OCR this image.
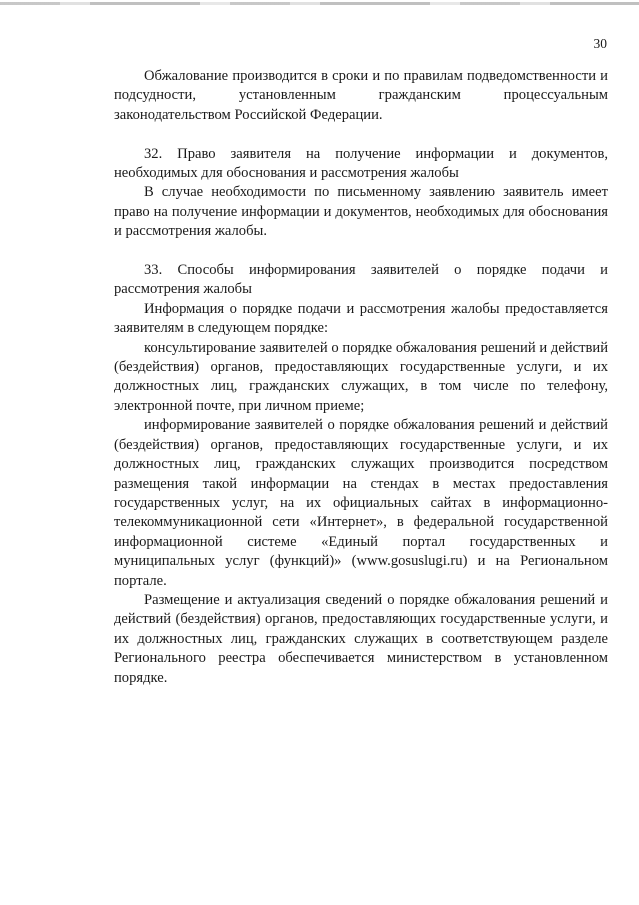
30

Обжалование производится в сроки и по правилам подведомственности и подсудности, установленным гражданским процессуальным законодательством Российской Федерации.

32. Право заявителя на получение информации и документов, необходимых для обоснования и рассмотрения жалобы

В случае необходимости по письменному заявлению заявитель имеет право на получение информации и документов, необходимых для обоснования и рассмотрения жалобы.

33. Способы информирования заявителей о порядке подачи и рассмотрения жалобы

Информация о порядке подачи и рассмотрения жалобы предоставляется заявителям в следующем порядке:

консультирование заявителей о порядке обжалования решений и действий (бездействия) органов, предоставляющих государственные услуги, и их должностных лиц, гражданских служащих, в том числе по телефону, электронной почте, при личном приеме;

информирование заявителей о порядке обжалования решений и действий (бездействия) органов, предоставляющих государственные услуги, и их должностных лиц, гражданских служащих производится посредством размещения такой информации на стендах в местах предоставления государственных услуг, на их официальных сайтах в информационно-телекоммуникационной сети «Интернет», в федеральной государственной информационной системе «Единый портал государственных и муниципальных услуг (функций)» (www.gosuslugi.ru) и на Региональном портале.

Размещение и актуализация сведений о порядке обжалования решений и действий (бездействия) органов, предоставляющих государственные услуги, и их должностных лиц, гражданских служащих в соответствующем разделе Регионального реестра обеспечивается министерством в установленном порядке.
